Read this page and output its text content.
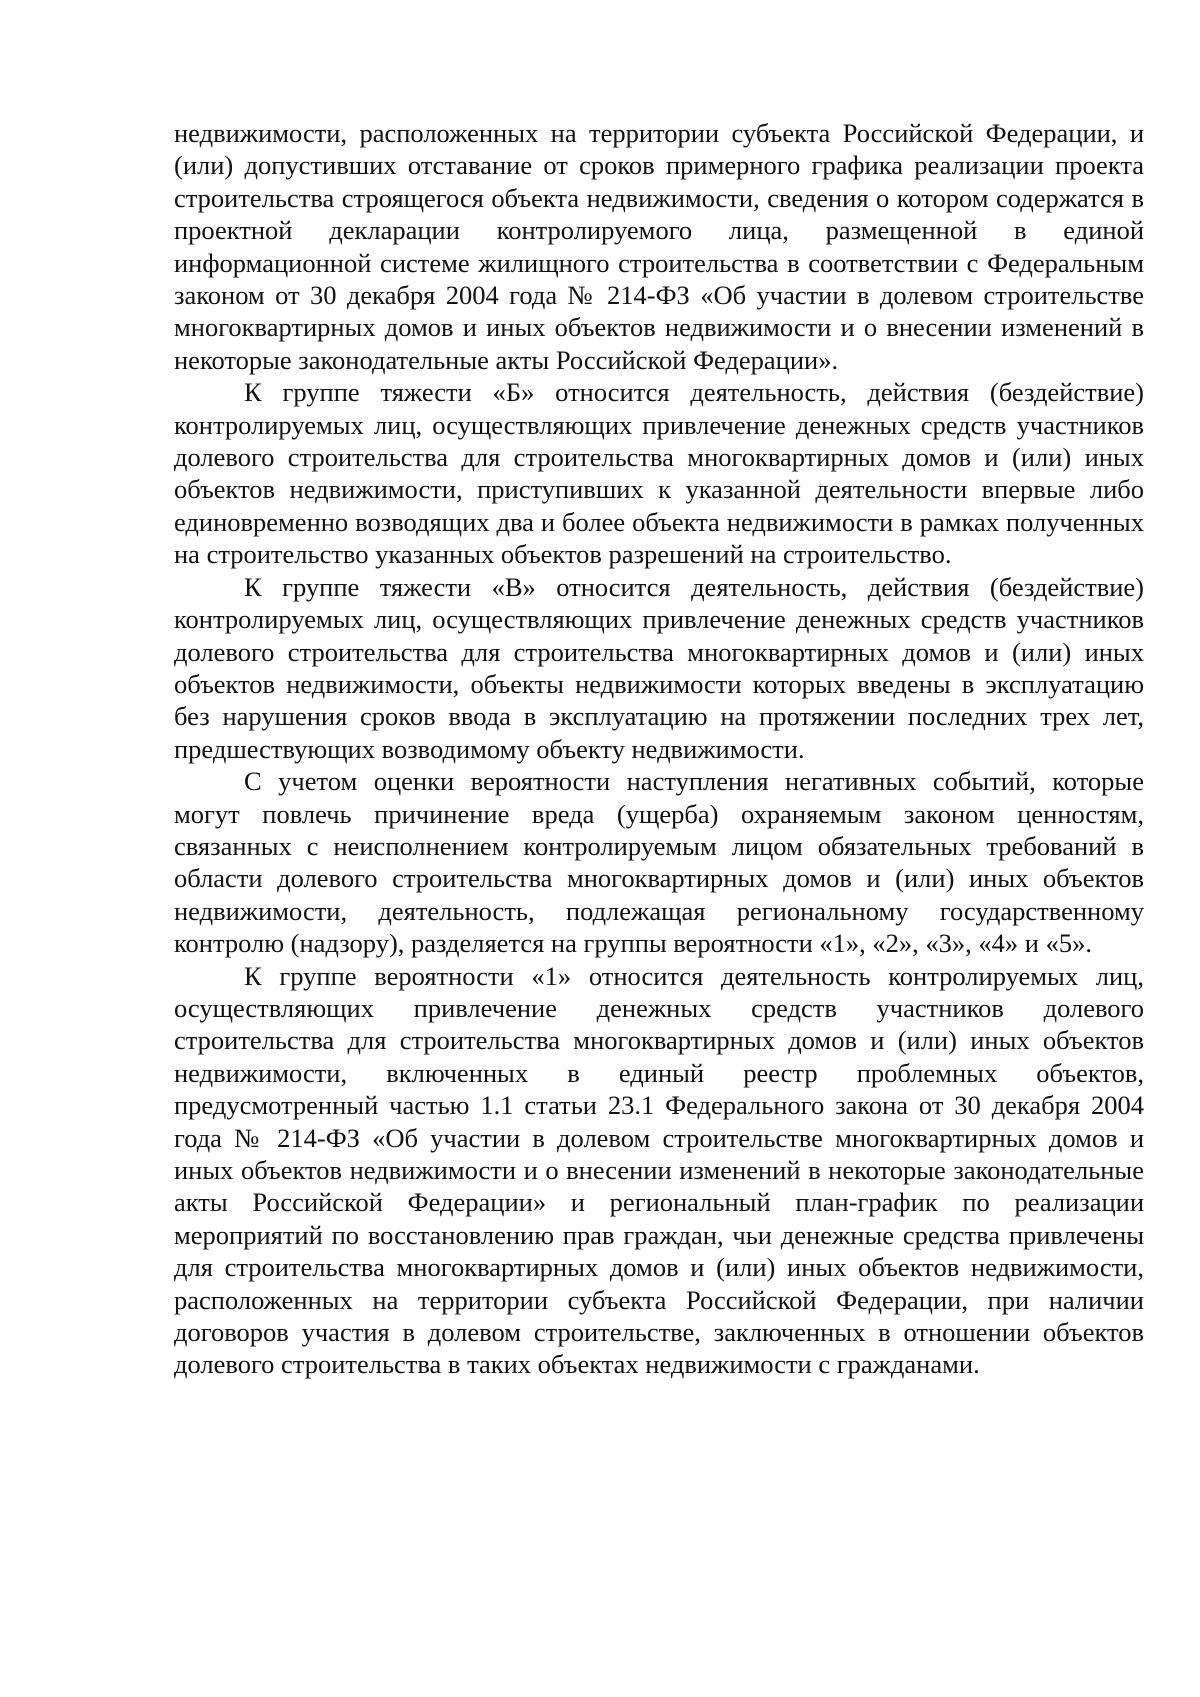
недвижимости, расположенных на территории субъекта Российской Федерации, и (или) допустивших отставание от сроков примерного графика реализации проекта строительства строящегося объекта недвижимости, сведения о котором содержатся в проектной декларации контролируемого лица, размещенной в единой информационной системе жилищного строительства в соответствии с Федеральным законом от 30 декабря 2004 года № 214-ФЗ «Об участии в долевом строительстве многоквартирных домов и иных объектов недвижимости и о внесении изменений в некоторые законодательные акты Российской Федерации».

К группе тяжести «Б» относится деятельность, действия (бездействие) контролируемых лиц, осуществляющих привлечение денежных средств участников долевого строительства для строительства многоквартирных домов и (или) иных объектов недвижимости, приступивших к указанной деятельности впервые либо единовременно возводящих два и более объекта недвижимости в рамках полученных на строительство указанных объектов разрешений на строительство.

К группе тяжести «В» относится деятельность, действия (бездействие) контролируемых лиц, осуществляющих привлечение денежных средств участников долевого строительства для строительства многоквартирных домов и (или) иных объектов недвижимости, объекты недвижимости которых введены в эксплуатацию без нарушения сроков ввода в эксплуатацию на протяжении последних трех лет, предшествующих возводимому объекту недвижимости.

С учетом оценки вероятности наступления негативных событий, которые могут повлечь причинение вреда (ущерба) охраняемым законом ценностям, связанных с неисполнением контролируемым лицом обязательных требований в области долевого строительства многоквартирных домов и (или) иных объектов недвижимости, деятельность, подлежащая региональному государственному контролю (надзору), разделяется на группы вероятности «1», «2», «3», «4» и «5».

К группе вероятности «1» относится деятельность контролируемых лиц, осуществляющих привлечение денежных средств участников долевого строительства для строительства многоквартирных домов и (или) иных объектов недвижимости, включенных в единый реестр проблемных объектов, предусмотренный частью 1.1 статьи 23.1 Федерального закона от 30 декабря 2004 года № 214-ФЗ «Об участии в долевом строительстве многоквартирных домов и иных объектов недвижимости и о внесении изменений в некоторые законодательные акты Российской Федерации» и региональный план-график по реализации мероприятий по восстановлению прав граждан, чьи денежные средства привлечены для строительства многоквартирных домов и (или) иных объектов недвижимости, расположенных на территории субъекта Российской Федерации, при наличии договоров участия в долевом строительстве, заключенных в отношении объектов долевого строительства в таких объектах недвижимости с гражданами.
